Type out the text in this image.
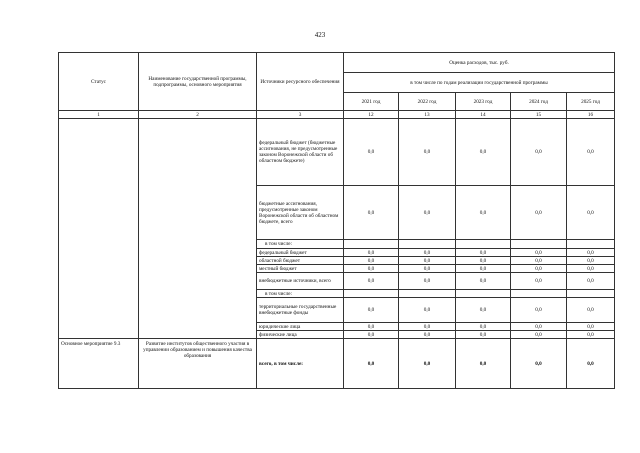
423
Статус	Наименование государственной программы, подпрограммы, основного мероприятия	Источники ресурсного обеспечения	Оценка расходов, тыс. руб.				
			в том числе по годам реализации государственной программы				
			2021 год	2022 год	2023 год	2024 год	2025 год
1	2	3	12	13	14	15	16
		федеральный бюджет (бюджетные ассигнования, не предусмотренные законом Воронежской области об областном бюджете)	0,0	0,0	0,0	0,0	0,0
		бюджетные ассигнования, предусмотренные законом Воронежской области об областном бюджете, всего	0,0	0,0	0,0	0,0	0,0
		в том числе:					
		федеральный бюджет	0,0	0,0	0,0	0,0	0,0
		областной бюджет	0,0	0,0	0,0	0,0	0,0
		местный бюджет	0,0	0,0	0,0	0,0	0,0
		внебюджетные источники, всего	0,0	0,0	0,0	0,0	0,0
		в том числе:					
		территориальные государственные внебюджетные фонды	0,0	0,0	0,0	0,0	0,0
		юридические лица	0,0	0,0	0,0	0,0	0,0
		физические лица	0,0	0,0	0,0	0,0	0,0
Основное мероприятие 9.3	Развитие институтов общественного участия в управлении образованием и повышения качества образования	всего, в том числе:	0,0	0,0	0,0	0,0	0,0
